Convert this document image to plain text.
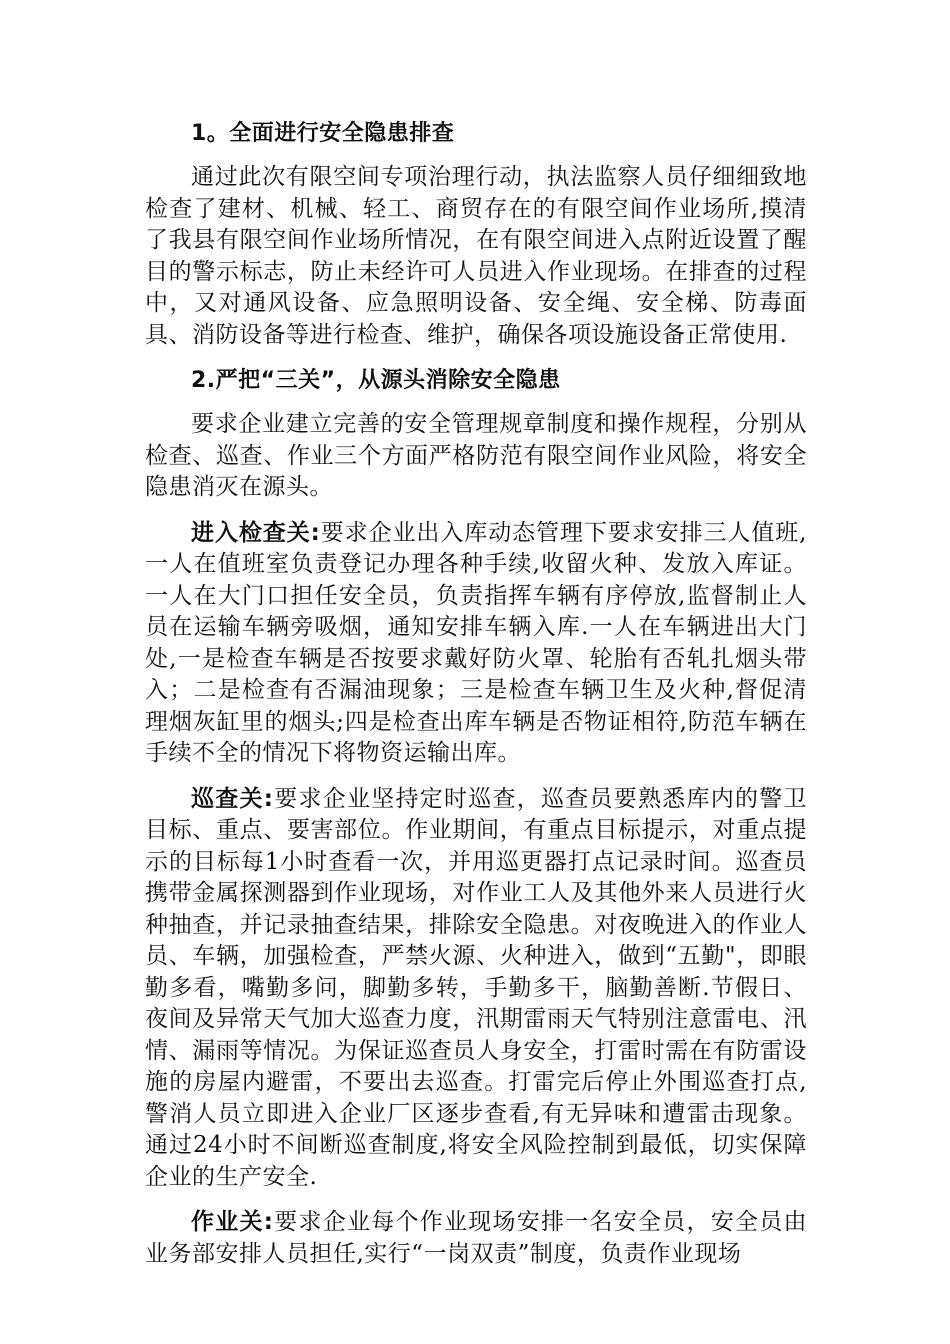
1。全面进行安全隐患排查

通过此次有限空间专项治理行动，执法监察人员仔细细致地检查了建材、机械、轻工、商贸存在的有限空间作业场所,摸清了我县有限空间作业场所情况，在有限空间进入点附近设置了醒目的警示标志，防止未经许可人员进入作业现场。在排查的过程中，又对通风设备、应急照明设备、安全绳、安全梯、防毒面具、消防设备等进行检查、维护，确保各项设施设备正常使用.

2.严把“三关”，从源头消除安全隐患

要求企业建立完善的安全管理规章制度和操作规程，分别从检查、巡查、作业三个方面严格防范有限空间作业风险，将安全隐患消灭在源头。

进入检查关:要求企业出入库动态管理下要求安排三人值班,一人在值班室负责登记办理各种手续,收留火种、发放入库证。一人在大门口担任安全员，负责指挥车辆有序停放,监督制止人员在运输车辆旁吸烟，通知安排车辆入库.一人在车辆进出大门处,一是检查车辆是否按要求戴好防火罩、轮胎有否轧扎烟头带入；二是检查有否漏油现象；三是检查车辆卫生及火种,督促清理烟灰缸里的烟头;四是检查出库车辆是否物证相符,防范车辆在手续不全的情况下将物资运输出库。

巡查关:要求企业坚持定时巡查，巡查员要熟悉库内的警卫目标、重点、要害部位。作业期间，有重点目标提示，对重点提示的目标每1小时查看一次，并用巡更器打点记录时间。巡查员携带金属探测器到作业现场，对作业工人及其他外来人员进行火种抽查，并记录抽查结果，排除安全隐患。对夜晚进入的作业人员、车辆，加强检查，严禁火源、火种进入，做到“五勤"，即眼勤多看，嘴勤多问，脚勤多转，手勤多干，脑勤善断.节假日、夜间及异常天气加大巡查力度，汛期雷雨天气特别注意雷电、汛情、漏雨等情况。为保证巡查员人身安全，打雷时需在有防雷设施的房屋内避雷，不要出去巡查。打雷完后停止外围巡查打点,警消人员立即进入企业厂区逐步查看,有无异味和遭雷击现象。通过24小时不间断巡查制度,将安全风险控制到最低，切实保障企业的生产安全.

作业关:要求企业每个作业现场安排一名安全员，安全员由业务部安排人员担任,实行“一岗双责”制度，负责作业现场
